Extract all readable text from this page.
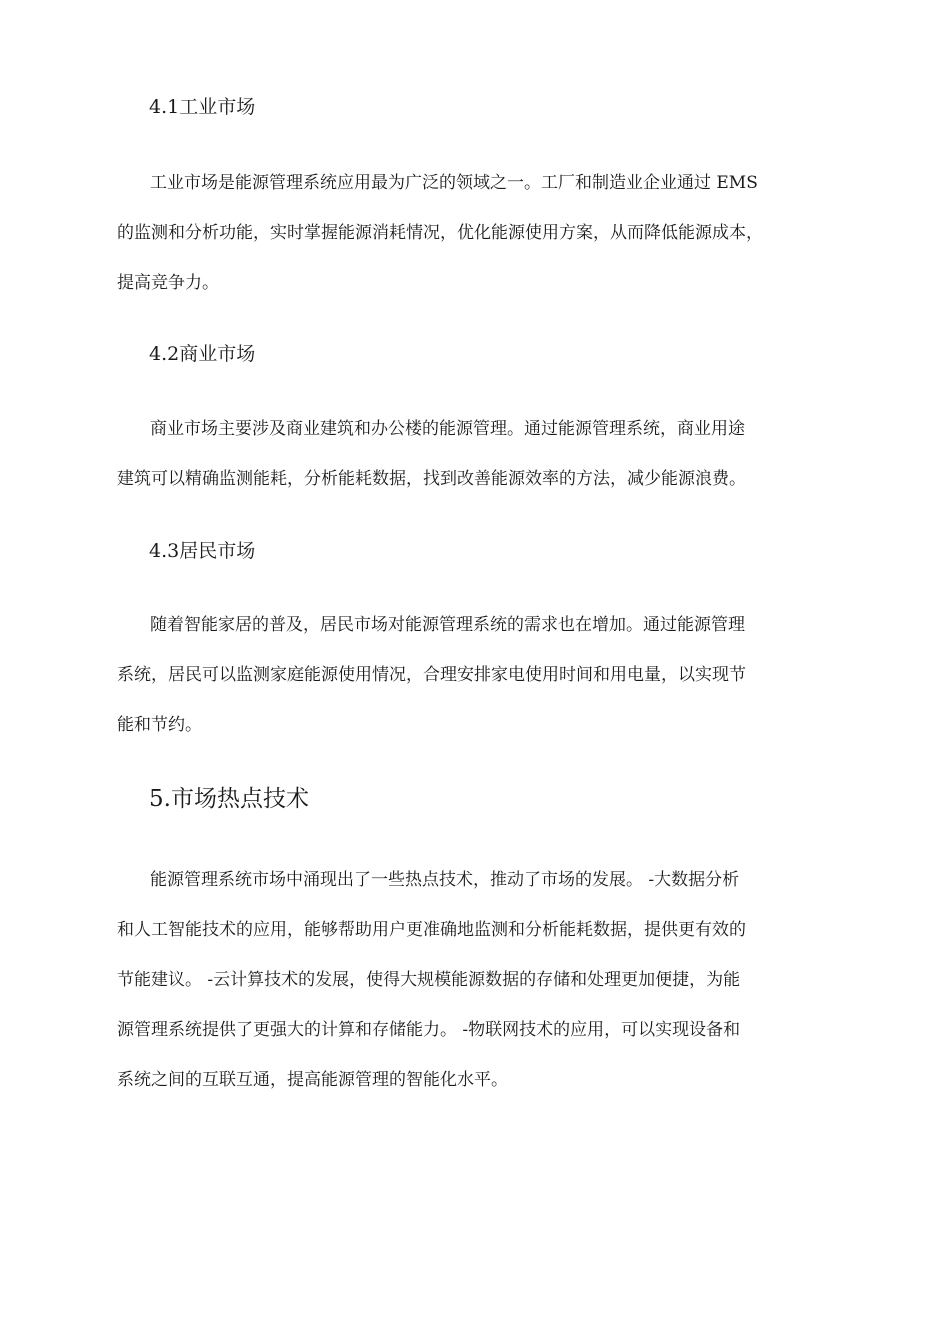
4.1工业市场
工业市场是能源管理系统应用最为广泛的领域之一。工厂和制造业企业通过 EMS
的监测和分析功能，实时掌握能源消耗情况，优化能源使用方案，从而降低能源成本，
提高竞争力。
4.2商业市场
商业市场主要涉及商业建筑和办公楼的能源管理。通过能源管理系统，商业用途
建筑可以精确监测能耗，分析能耗数据，找到改善能源效率的方法，减少能源浪费。
4.3居民市场
随着智能家居的普及，居民市场对能源管理系统的需求也在增加。通过能源管理
系统，居民可以监测家庭能源使用情况，合理安排家电使用时间和用电量，以实现节
能和节约。
5.市场热点技术
能源管理系统市场中涌现出了一些热点技术，推动了市场的发展。 -大数据分析
和人工智能技术的应用，能够帮助用户更准确地监测和分析能耗数据，提供更有效的
节能建议。 -云计算技术的发展，使得大规模能源数据的存储和处理更加便捷，为能
源管理系统提供了更强大的计算和存储能力。 -物联网技术的应用，可以实现设备和
系统之间的互联互通，提高能源管理的智能化水平。
